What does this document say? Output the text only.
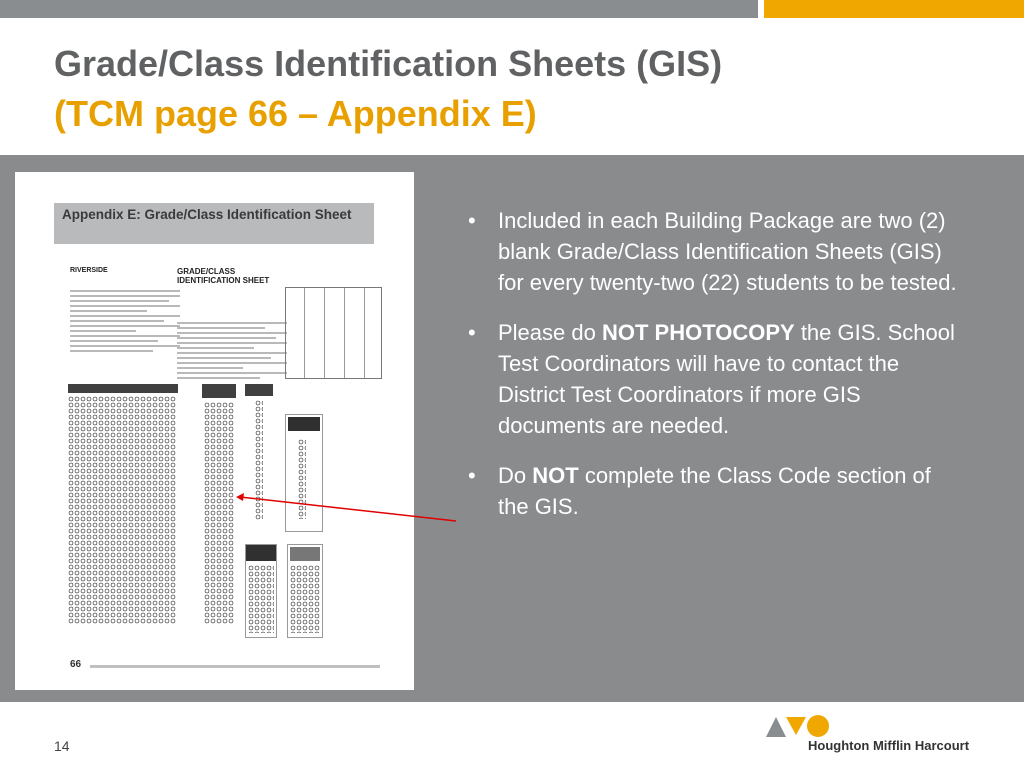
Grade/Class Identification Sheets (GIS)
(TCM page 66 – Appendix E)
Appendix E: Grade/Class Identification Sheet
RIVERSIDE	GRADE/CLASS IDENTIFICATION SHEET
66
• Included in each Building Package are two (2) blank Grade/Class Identification Sheets (GIS) for every twenty-two (22) students to be tested.
• Please do NOT PHOTOCOPY the GIS. School Test Coordinators will have to contact the District Test Coordinators if more GIS documents are needed.
• Do NOT complete the Class Code section of the GIS.
14	Houghton Mifflin Harcourt
